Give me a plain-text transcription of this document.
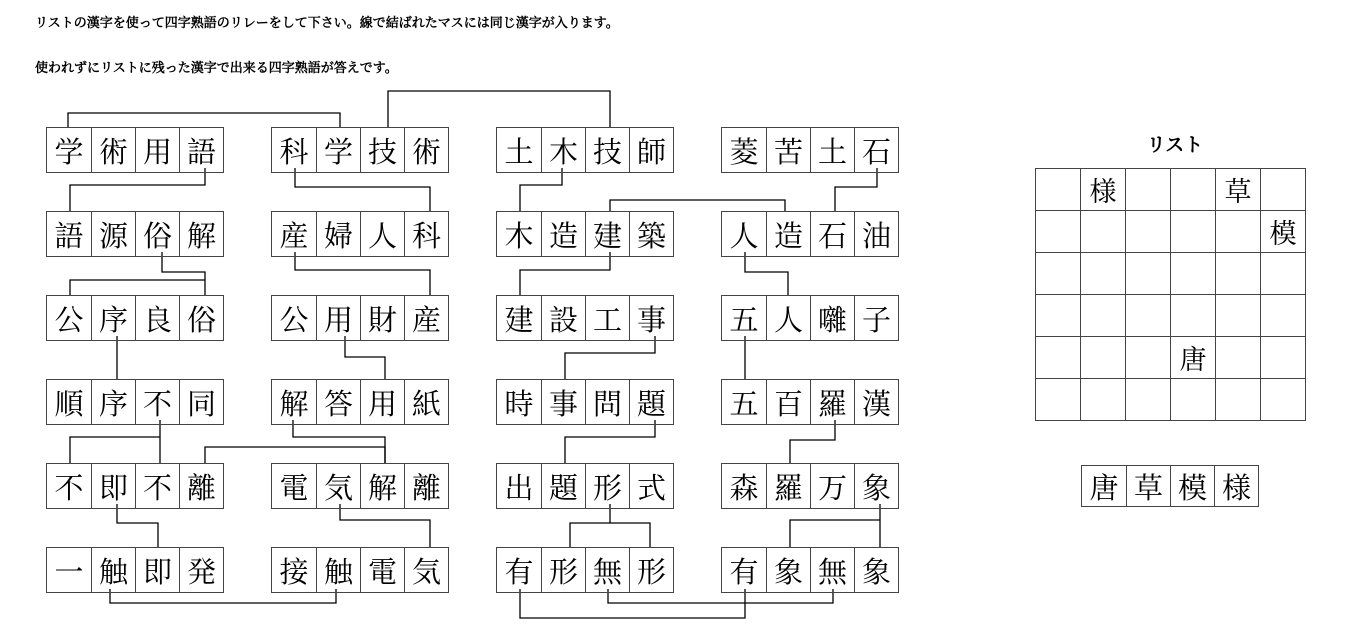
リストの漢字を使って四字熟語のリレーをして下さい。線で結ばれたマスには同じ漢字が入ります。
使われずにリストに残った漢字で出来る四字熟語が答えです。
学 術 用 語
語 源 俗 解
公 序 良 俗
順 序 不 同
不 即 不 離
一 触 即 発
科 学 技 術
産 婦 人 科
公 用 財 産
解 答 用 紙
電 気 解 離
接 触 電 気
土 木 技 師
木 造 建 築
建 設 工 事
時 事 問 題
出 題 形 式
有 形 無 形
菱 苦 土 石
人 造 石 油
五 人 囃 子
五 百 羅 漢
森 羅 万 象
有 象 無 象
リスト
様	草
模
唐
唐 草 模 様
